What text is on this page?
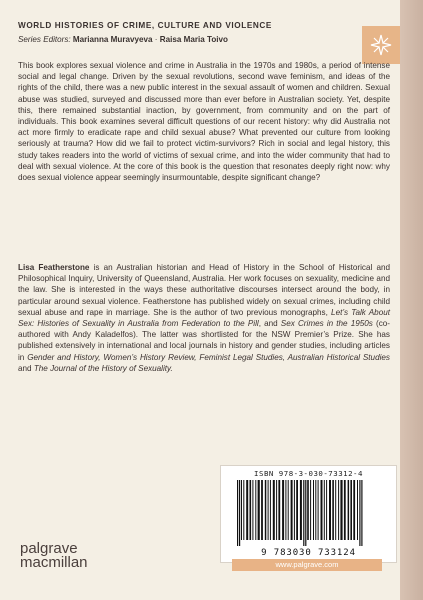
WORLD HISTORIES OF CRIME, CULTURE AND VIOLENCE
Series Editors: Marianna Muravyeva · Raisa Maria Toivo

This book explores sexual violence and crime in Australia in the 1970s and 1980s, a period of intense social and legal change. Driven by the sexual revolutions, second wave feminism, and ideas of the rights of the child, there was a new public interest in the sexual assault of women and children. Sexual abuse was studied, surveyed and discussed more than ever before in Australian society. Yet, despite this, there remained substantial inaction, by government, from community and on the part of individuals. This book examines several difficult questions of our recent history: why did Australia not act more firmly to eradicate rape and child sexual abuse? What prevented our culture from looking seriously at trauma? How did we fail to protect victim-survivors? Rich in social and legal history, this study takes readers into the world of victims of sexual crime, and into the wider community that had to deal with sexual violence. At the core of this book is the question that resonates deeply right now: why does sexual violence appear seemingly insurmountable, despite significant change?

Lisa Featherstone is an Australian historian and Head of History in the School of Historical and Philosophical Inquiry, University of Queensland, Australia. Her work focuses on sexuality, medicine and the law. She is interested in the ways these authoritative discourses intersect around the body, in particular around sexual violence. Featherstone has published widely on sexual crimes, including child sexual abuse and rape in marriage. She is the author of two previous monographs, Let’s Talk About Sex: Histories of Sexuality in Australia from Federation to the Pill, and Sex Crimes in the 1950s (co-authored with Andy Kaladelfos). The latter was shortlisted for the NSW Premier’s Prize. She has published extensively in international and local journals in history and gender studies, including articles in Gender and History, Women’s History Review, Feminist Legal Studies, Australian Historical Studies and The Journal of the History of Sexuality.

ISBN 978-3-030-73312-4
9 783030 733124
www.palgrave.com
palgrave
macmillan
